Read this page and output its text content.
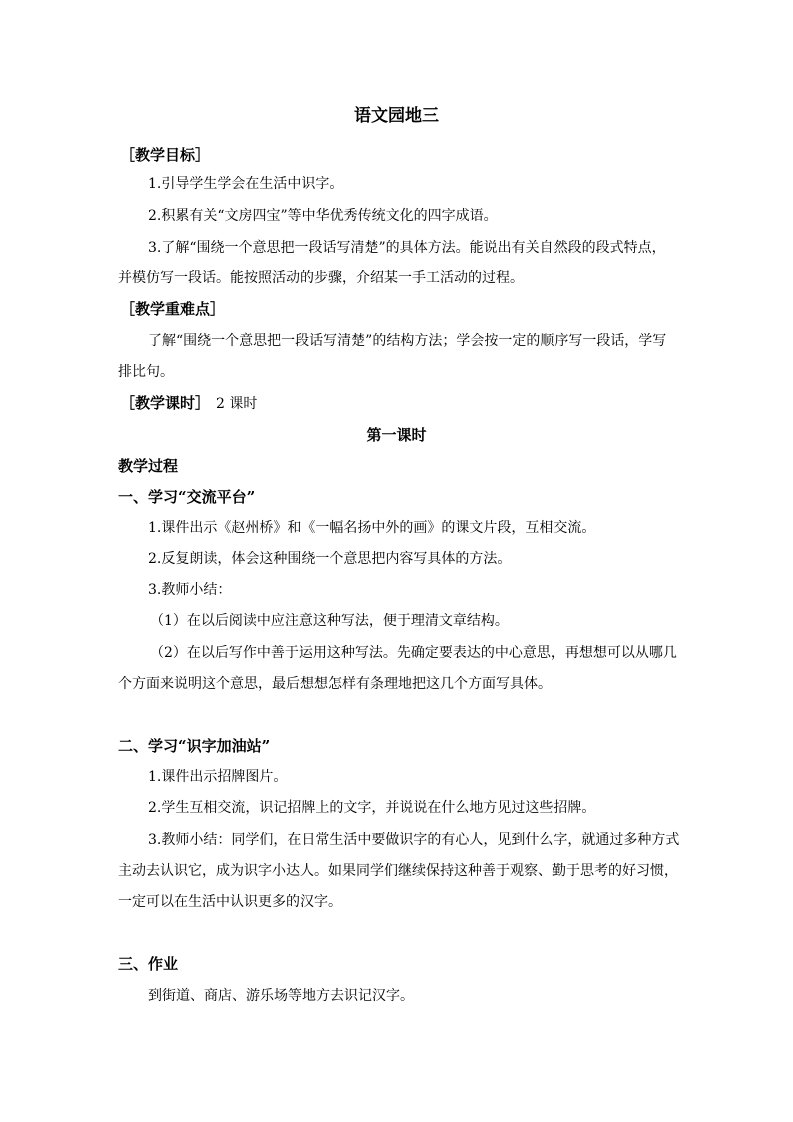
语文园地三
［教学目标］
1.引导学生学会在生活中识字。
2.积累有关“文房四宝”等中华优秀传统文化的四字成语。
3.了解“围绕一个意思把一段话写清楚”的具体方法。能说出有关自然段的段式特点，
并模仿写一段话。能按照活动的步骤，介绍某一手工活动的过程。
［教学重难点］
了解“围绕一个意思把一段话写清楚”的结构方法；学会按一定的顺序写一段话，学写
排比句。
［教学课时］ 2 课时
第一课时
教学过程
一、学习“交流平台”
1.课件出示《赵州桥》和《一幅名扬中外的画》的课文片段，互相交流。
2.反复朗读，体会这种围绕一个意思把内容写具体的方法。
3.教师小结：
（1）在以后阅读中应注意这种写法，便于理清文章结构。
（2）在以后写作中善于运用这种写法。先确定要表达的中心意思，再想想可以从哪几
个方面来说明这个意思，最后想想怎样有条理地把这几个方面写具体。
二、学习“识字加油站”
1.课件出示招牌图片。
2.学生互相交流，识记招牌上的文字，并说说在什么地方见过这些招牌。
3.教师小结：同学们，在日常生活中要做识字的有心人，见到什么字，就通过多种方式
主动去认识它，成为识字小达人。如果同学们继续保持这种善于观察、勤于思考的好习惯，
一定可以在生活中认识更多的汉字。
三、作业
到街道、商店、游乐场等地方去识记汉字。
